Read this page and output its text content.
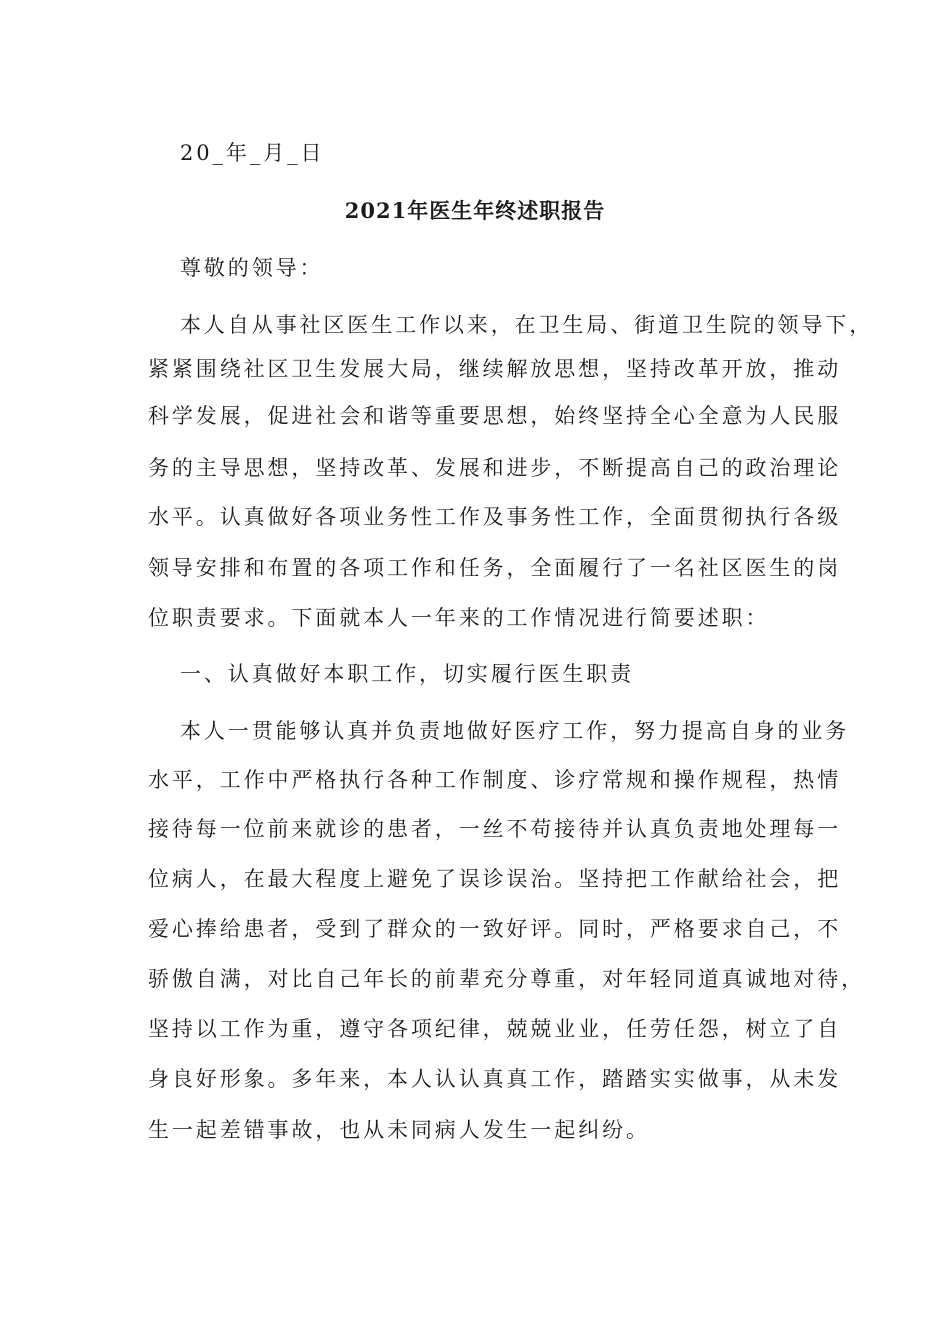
20_年_月_日
2021年医生年终述职报告
尊敬的领导：
本人自从事社区医生工作以来，在卫生局、街道卫生院的领导下，
紧紧围绕社区卫生发展大局，继续解放思想，坚持改革开放，推动
科学发展，促进社会和谐等重要思想，始终坚持全心全意为人民服
务的主导思想，坚持改革、发展和进步，不断提高自己的政治理论
水平。认真做好各项业务性工作及事务性工作，全面贯彻执行各级
领导安排和布置的各项工作和任务，全面履行了一名社区医生的岗
位职责要求。下面就本人一年来的工作情况进行简要述职：
一、认真做好本职工作，切实履行医生职责
本人一贯能够认真并负责地做好医疗工作，努力提高自身的业务
水平，工作中严格执行各种工作制度、诊疗常规和操作规程，热情
接待每一位前来就诊的患者，一丝不苟接待并认真负责地处理每一
位病人，在最大程度上避免了误诊误治。坚持把工作献给社会，把
爱心捧给患者，受到了群众的一致好评。同时，严格要求自己，不
骄傲自满，对比自己年长的前辈充分尊重，对年轻同道真诚地对待，
坚持以工作为重，遵守各项纪律，兢兢业业，任劳任怨，树立了自
身良好形象。多年来，本人认认真真工作，踏踏实实做事，从未发
生一起差错事故，也从未同病人发生一起纠纷。
